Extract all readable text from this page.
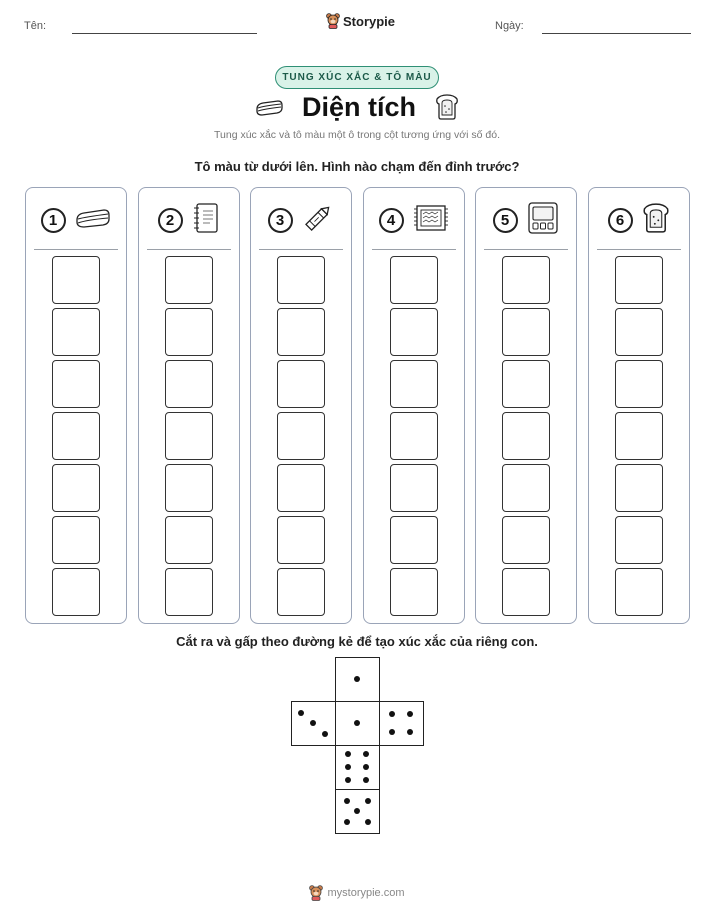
Tên:	Storypie	Ngày:
TUNG XÚC XẮC & TÔ MÀU
Diện tích
Tung xúc xắc và tô màu một ô trong cột tương ứng với số đó.
Tô màu từ dưới lên. Hình nào chạm đến đỉnh trước?
1	2	3	4	5	6
Cắt ra và gấp theo đường kẻ để tạo xúc xắc của riêng con.
mystorypie.com
